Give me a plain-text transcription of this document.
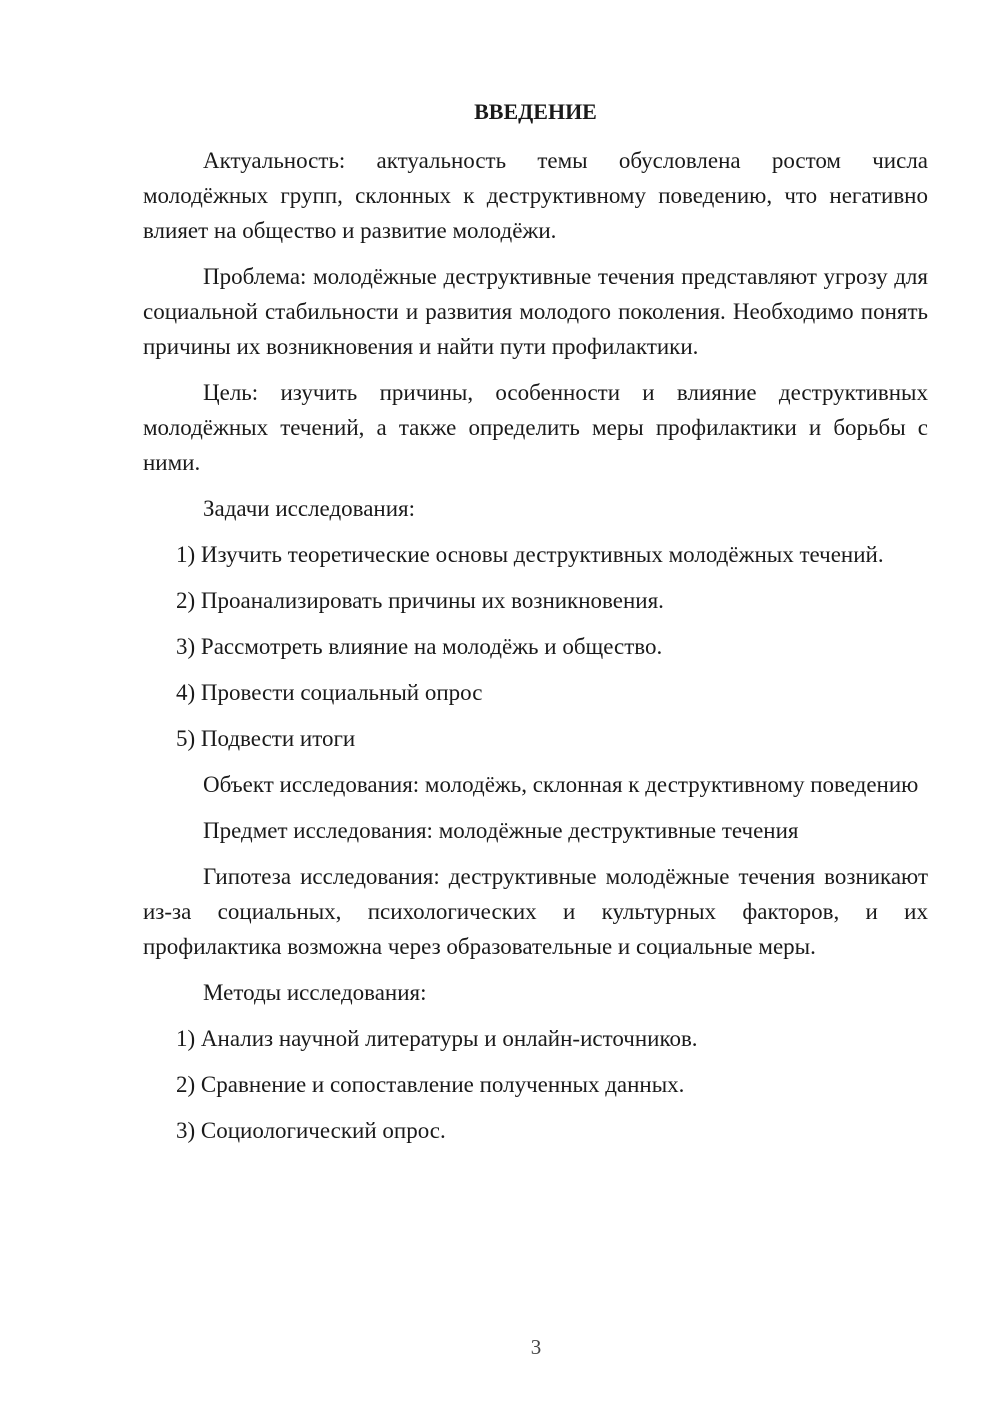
ВВЕДЕНИЕ

Актуальность: актуальность темы обусловлена ростом числа молодёжных групп, склонных к деструктивному поведению, что негативно влияет на общество и развитие молодёжи.

Проблема: молодёжные деструктивные течения представляют угрозу для социальной стабильности и развития молодого поколения. Необходимо понять причины их возникновения и найти пути профилактики.

Цель: изучить причины, особенности и влияние деструктивных молодёжных течений, а также определить меры профилактики и борьбы с ними.

Задачи исследования:

1) Изучить теоретические основы деструктивных молодёжных течений.

2) Проанализировать причины их возникновения.

3) Рассмотреть влияние на молодёжь и общество.

4) Провести социальный опрос

5) Подвести итоги

Объект исследования: молодёжь, склонная к деструктивному поведению

Предмет исследования: молодёжные деструктивные течения

Гипотеза исследования: деструктивные молодёжные течения возникают из-за социальных, психологических и культурных факторов, и их профилактика возможна через образовательные и социальные меры.

Методы исследования:

1) Анализ научной литературы и онлайн-источников.

2) Сравнение и сопоставление полученных данных.

3) Социологический опрос.

3
